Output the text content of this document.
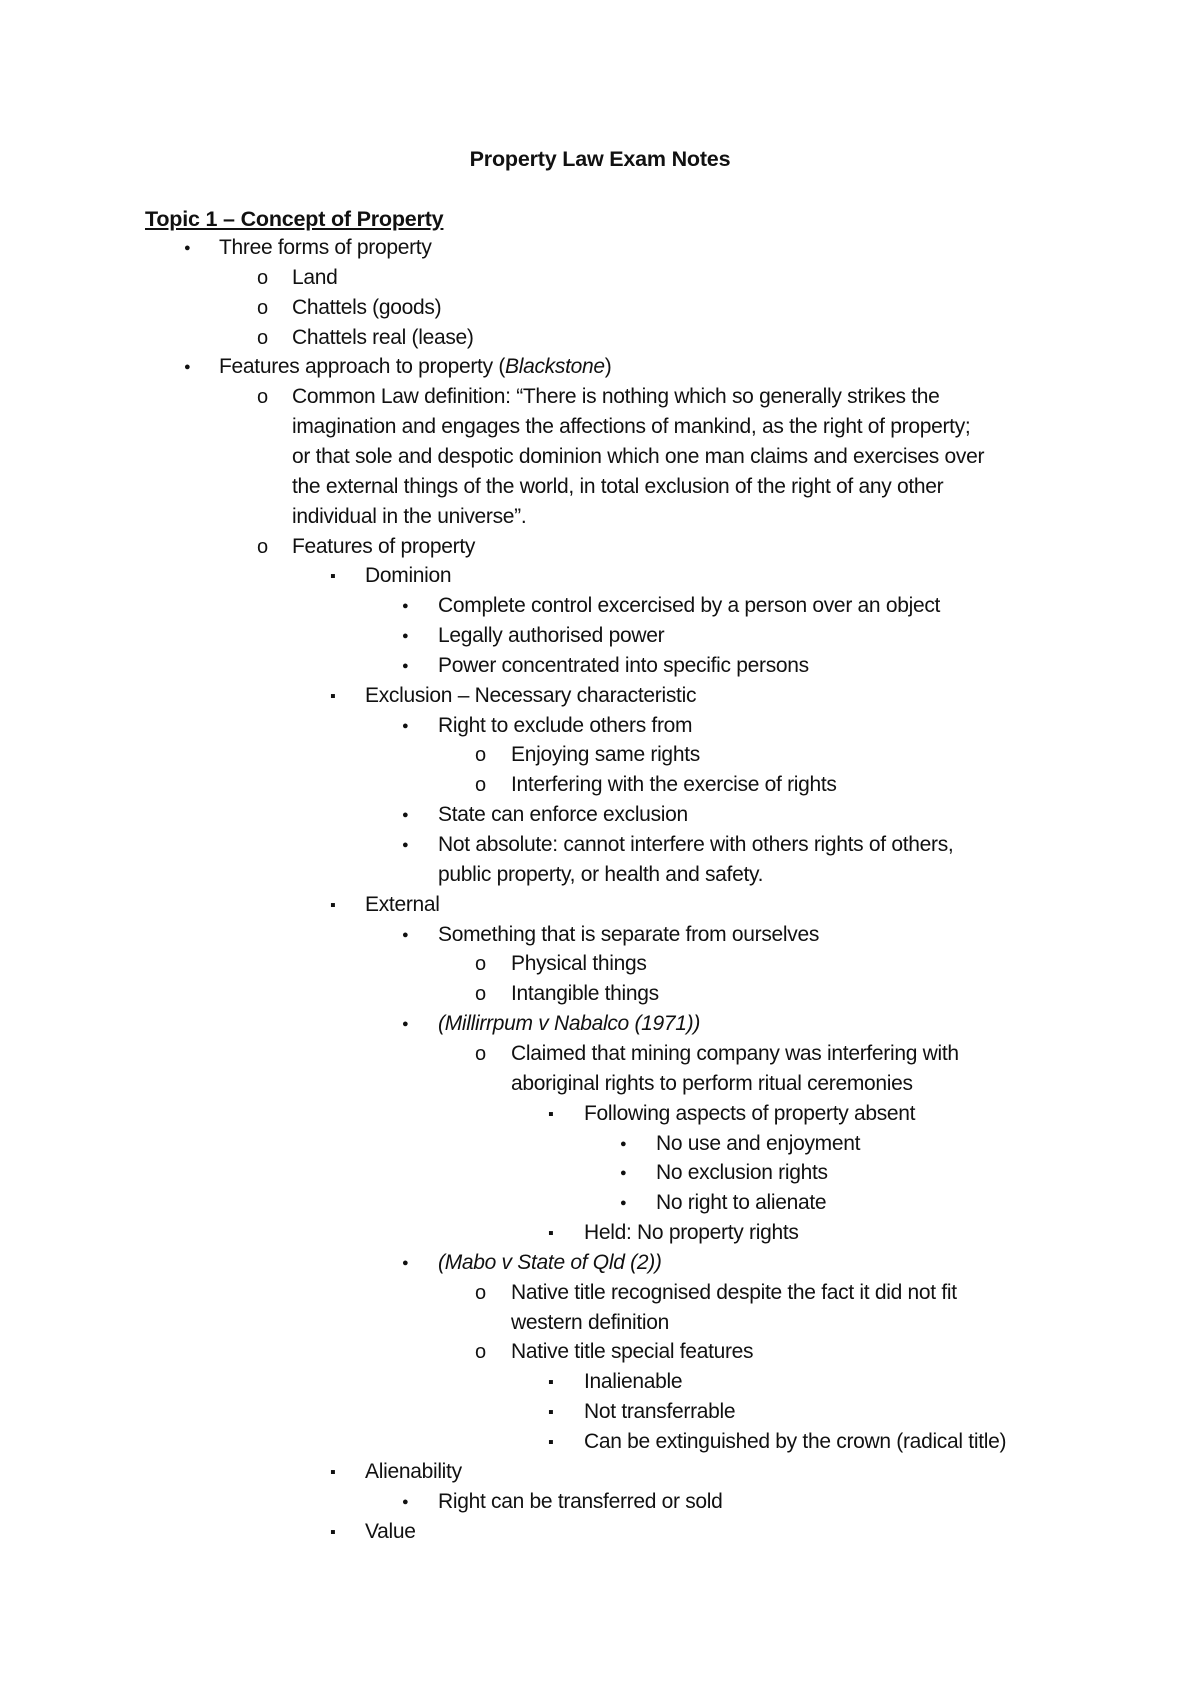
Property Law Exam Notes
Topic 1 – Concept of Property
●
Three forms of property
o
Land
o
Chattels (goods)
o
Chattels real (lease)
●
Features approach to property (Blackstone)
o
Common Law definition: “There is nothing which so generally strikes the
imagination and engages the affections of mankind, as the right of property;
or that sole and despotic dominion which one man claims and exercises over
the external things of the world, in total exclusion of the right of any other
individual in the universe”.
o
Features of property
▪
Dominion
●
Complete control excercised by a person over an object
●
Legally authorised power
●
Power concentrated into specific persons
▪
Exclusion – Necessary characteristic
●
Right to exclude others from
o
Enjoying same rights
o
Interfering with the exercise of rights
●
State can enforce exclusion
●
Not absolute: cannot interfere with others rights of others,
public property, or health and safety.
▪
External
●
Something that is separate from ourselves
o
Physical things
o
Intangible things
●
(Millirrpum v Nabalco (1971))
o
Claimed that mining company was interfering with
aboriginal rights to perform ritual ceremonies
▪
Following aspects of property absent
●
No use and enjoyment
●
No exclusion rights
●
No right to alienate
▪
Held: No property rights
●
(Mabo v State of Qld (2))
o
Native title recognised despite the fact it did not fit
western definition
o
Native title special features
▪
Inalienable
▪
Not transferrable
▪
Can be extinguished by the crown (radical title)
▪
Alienability
●
Right can be transferred or sold
▪
Value
